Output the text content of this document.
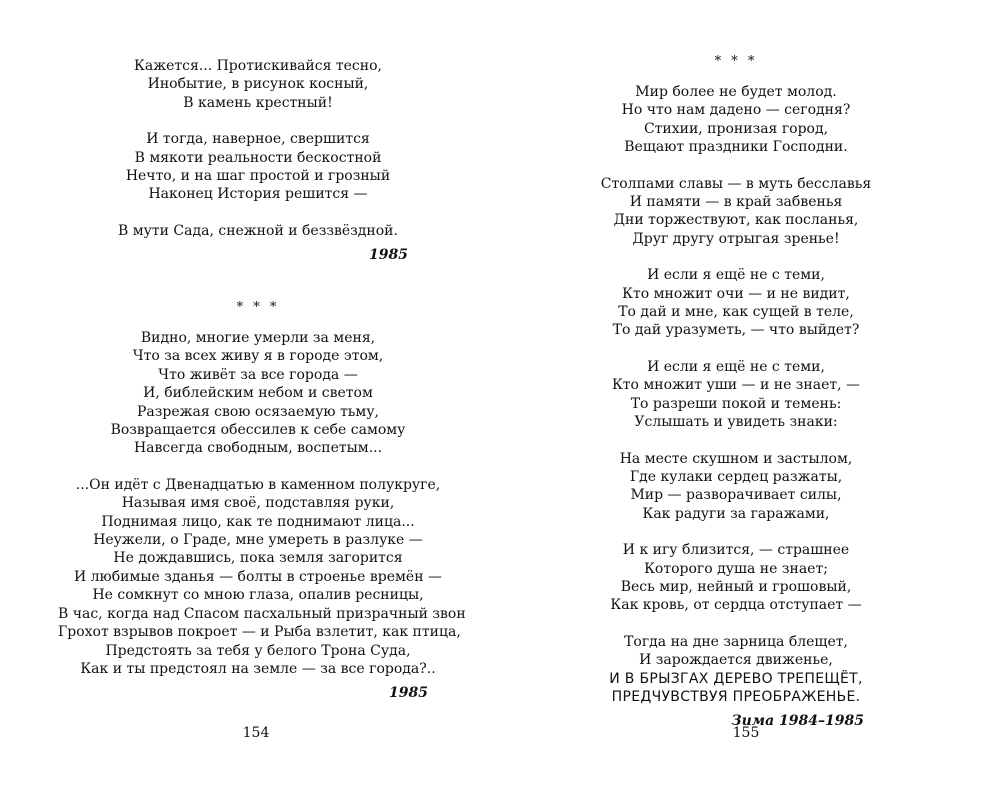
Кажется... Протискивайся тесно,
Инобытие, в рисунок косный,
В камень крестный!
И тогда, наверное, свершится
В мякоти реальности бескостной
Нечто, и на шаг простой и грозный
Наконец История решится —
В мути Сада, снежной и беззвёздной.
1985
* * *
Видно, многие умерли за меня,
Что за всех живу я в городе этом,
Что живёт за все города —
И, библейским небом и светом
Разрежая свою осязаемую тьму,
Возвращается обессилев к себе самому
Навсегда свободным, воспетым...
...Он идёт с Двенадцатью в каменном полукруге,
Называя имя своё, подставляя руки,
Поднимая лицо, как те поднимают лица...
Неужели, о Граде, мне умереть в разлуке —
Не дождавшись, пока земля загорится
И любимые зданья — болты в строенье времён —
Не сомкнут со мною глаза, опалив ресницы,
В час, когда над Спасом пасхальный призрачный звон
Грохот взрывов покроет — и Рыба взлетит, как птица,
Предстоять за тебя у белого Трона Суда,
Как и ты предстоял на земле — за все города?..
1985
154
* * *
Мир более не будет молод.
Но что нам дадено — сегодня?
Стихии, пронизая город,
Вещают праздники Господни.
Столпами славы — в муть бесславья
И памяти — в край забвенья
Дни торжествуют, как посланья,
Друг другу отрыгая зренье!
И если я ещё не с теми,
Кто множит очи — и не видит,
То дай и мне, как сущей в теле,
То дай уразуметь, — что выйдет?
И если я ещё не с теми,
Кто множит уши — и не знает, —
То разреши покой и темень:
Услышать и увидеть знаки:
На месте скушном и застылом,
Где кулаки сердец разжаты,
Мир — разворачивает силы,
Как радуги за гаражами,
И к игу близится, — страшнее
Которого душа не знает;
Весь мир, нейный и грошовый,
Как кровь, от сердца отступает —
Тогда на дне зарница блещет,
И зарождается движенье,
И В БРЫЗГАХ ДЕРЕВО ТРЕПЕЩЁТ,
ПРЕДЧУВСТВУЯ ПРЕОБРАЖЕНЬЕ.
Зима 1984–1985
155
